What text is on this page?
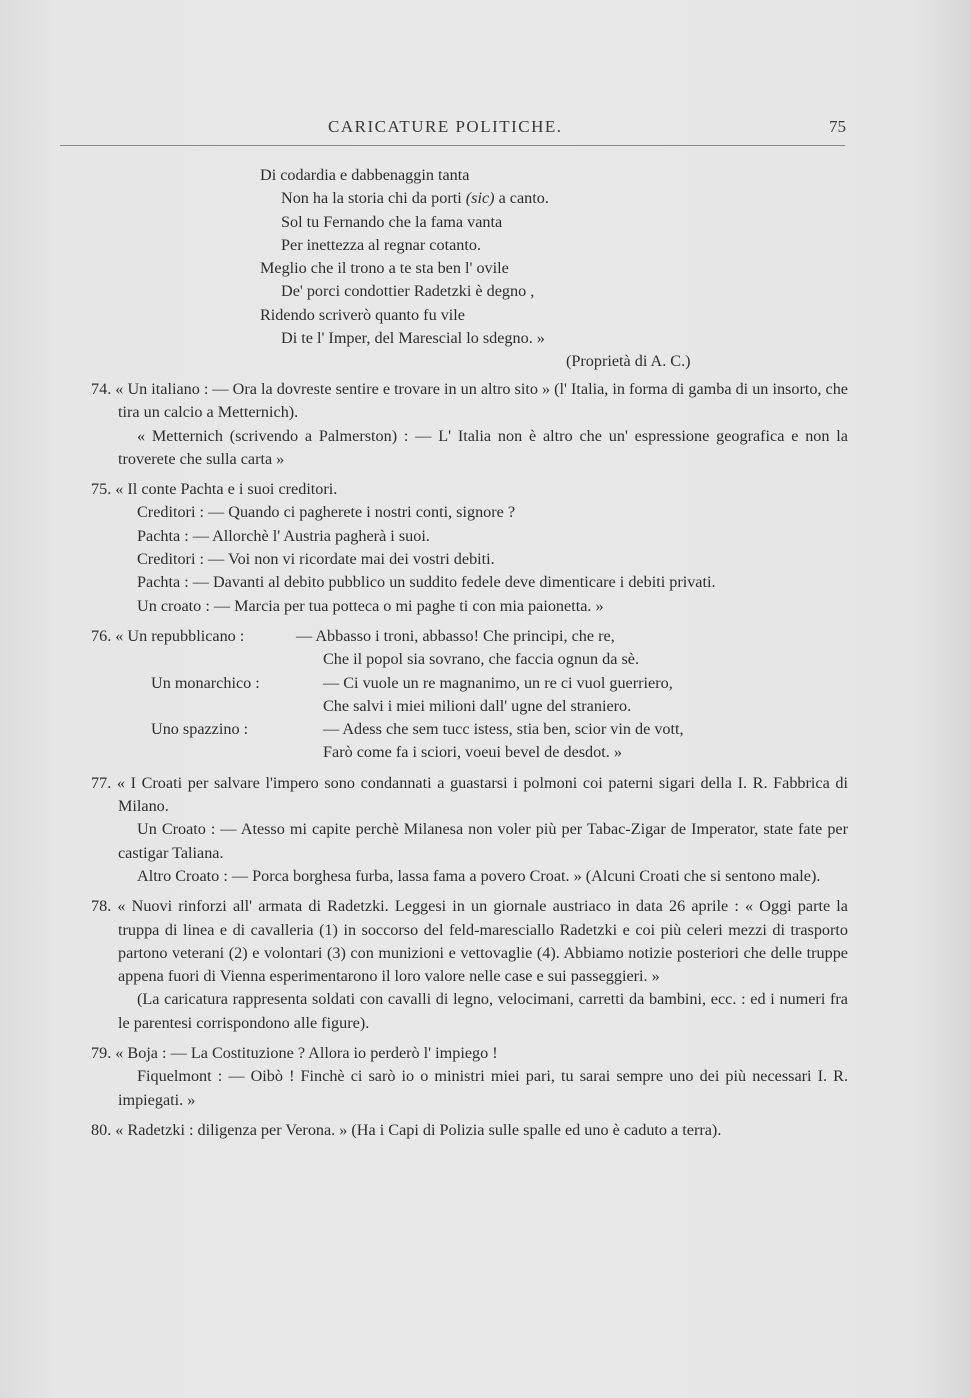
CARICATURE POLITICHE.	75
Di codardia e dabbenaggin tanta
Non ha la storia chi da porti (sic) a canto.
Sol tu Fernando che la fama vanta
Per inettezza al regnar cotanto.
Meglio che il trono a te sta ben l' ovile
De' porci condottier Radetzki è degno ,
Ridendo scriverò quanto fu vile
Di te l' Imper, del Marescial lo sdegno. »
(Proprietà di A. C.)

74. « Un italiano : — Ora la dovreste sentire e trovare in un altro sito » (l' Italia, in forma di gamba di un insorto, che tira un calcio a Metternich).

« Metternich (scrivendo a Palmerston) : — L' Italia non è altro che un' espressione geografica e non la troverete che sulla carta »

75. « Il conte Pachta e i suoi creditori.

Creditori : — Quando ci pagherete i nostri conti, signore ?

Pachta : — Allorchè l' Austria pagherà i suoi.

Creditori : — Voi non vi ricordate mai dei vostri debiti.

Pachta : — Davanti al debito pubblico un suddito fedele deve dimenticare i debiti privati.

Un croato : — Marcia per tua potteca o mi paghe ti con mia paionetta. »

76. « Un repubblicano :	— Abbasso i troni, abbasso! Che principi, che re,
Che il popol sia sovrano, che faccia ognun da sè.
Un monarchico :	— Ci vuole un re magnanimo, un re ci vuol guerriero,
Che salvi i miei milioni dall' ugne del straniero.
Uno spazzino :	— Adess che sem tucc istess, stia ben, scior vin de vott,
Farò come fa i sciori, voeui bevel de desdot. »

77. « I Croati per salvare l'impero sono condannati a guastarsi i polmoni coi paterni sigari della I. R. Fabbrica di Milano.

Un Croato : — Atesso mi capite perchè Milanesa non voler più per Tabac-Zigar de Imperator, state fate per castigar Taliana.

Altro Croato : — Porca borghesa furba, lassa fama a povero Croat. » (Alcuni Croati che si sentono male).

78. « Nuovi rinforzi all' armata di Radetzki. Leggesi in un giornale austriaco in data 26 aprile : « Oggi parte la truppa di linea e di cavalleria (1) in soccorso del feld-maresciallo Radetzki e coi più celeri mezzi di trasporto partono veterani (2) e volontari (3) con munizioni e vettovaglie (4). Abbiamo notizie posteriori che delle truppe appena fuori di Vienna esperimentarono il loro valore nelle case e sui passeggieri. »

(La caricatura rappresenta soldati con cavalli di legno, velocimani, carretti da bambini, ecc. : ed i numeri fra le parentesi corrispondono alle figure).

79. « Boja : — La Costituzione ? Allora io perderò l' impiego !

Fiquelmont : — Oibò ! Finchè ci sarò io o ministri miei pari, tu sarai sempre uno dei più necessari I. R. impiegati. »

80. « Radetzki : diligenza per Verona. » (Ha i Capi di Polizia sulle spalle ed uno è caduto a terra).
